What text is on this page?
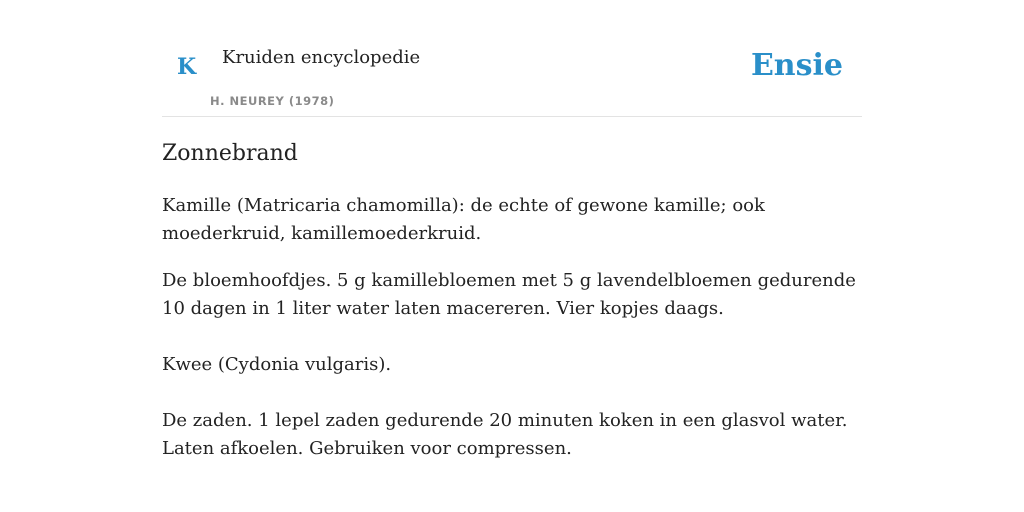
K Kruiden encyclopedie
H. NEUREY (1978)
Ensie
Zonnebrand

Kamille (Matricaria chamomilla): de echte of gewone kamille; ook moederkruid, kamillemoederkruid.

De bloemhoofdjes. 5 g kamillebloemen met 5 g lavendelbloemen gedurende 10 dagen in 1 liter water laten macereren. Vier kopjes daags.

Kwee (Cydonia vulgaris).

De zaden. 1 lepel zaden gedurende 20 minuten koken in een glasvol water. Laten afkoelen. Gebruiken voor compressen.
